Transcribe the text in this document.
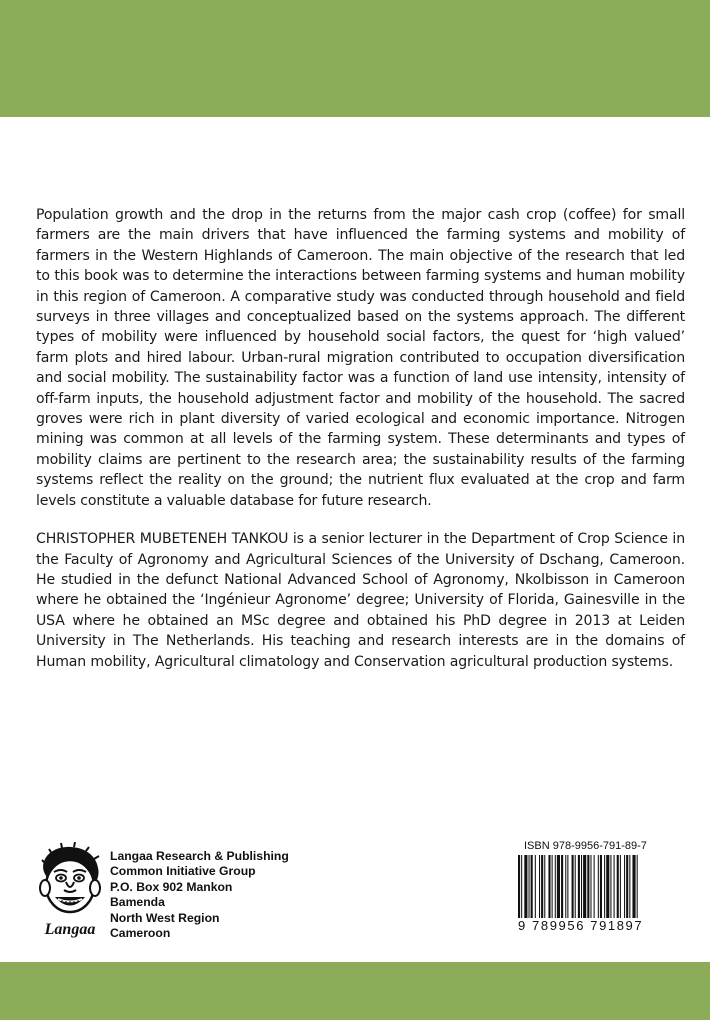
Population growth and the drop in the returns from the major cash crop (coffee) for small farmers are the main drivers that have influenced the farming systems and mobility of farmers in the Western Highlands of Cameroon. The main objective of the research that led to this book was to determine the interactions between farming systems and human mobility in this region of Cameroon. A comparative study was conducted through household and field surveys in three villages and conceptualized based on the systems approach. The different types of mobility were influenced by household social factors, the quest for ‘high valued’ farm plots and hired labour. Urban-rural migration contributed to occupation diversification and social mobility. The sustainability factor was a function of land use intensity, intensity of off-farm inputs, the household adjustment factor and mobility of the household. The sacred groves were rich in plant diversity of varied ecological and economic importance. Nitrogen mining was common at all levels of the farming system. These determinants and types of mobility claims are pertinent to the research area; the sustainability results of the farming systems reflect the reality on the ground; the nutrient flux evaluated at the crop and farm levels constitute a valuable database for future research.

CHRISTOPHER MUBETENEH TANKOU is a senior lecturer in the Department of Crop Science in the Faculty of Agronomy and Agricultural Sciences of the University of Dschang, Cameroon. He studied in the defunct National Advanced School of Agronomy, Nkolbisson in Cameroon where he obtained the ‘Ingénieur Agronome’ degree; University of Florida, Gainesville in the USA where he obtained an MSc degree and obtained his PhD degree in 2013 at Leiden University in The Netherlands. His teaching and research interests are in the domains of Human mobility, Agricultural climatology and Conservation agricultural production systems.

Langaa
Langaa Research & Publishing
Common Initiative Group
P.O. Box 902 Mankon
Bamenda
North West Region
Cameroon
ISBN 978-9956-791-89-7
9 789956 791897
